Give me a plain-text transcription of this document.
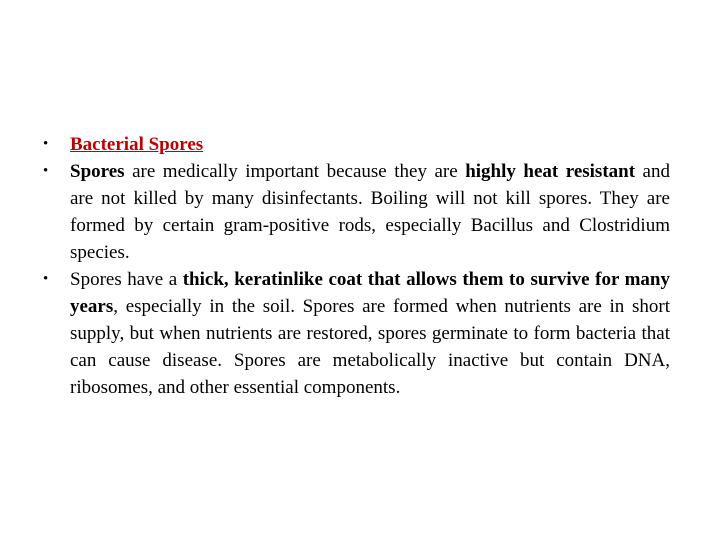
• Bacterial Spores
• Spores are medically important because they are highly heat resistant and are not killed by many disinfectants. Boiling will not kill spores. They are formed by certain gram-positive rods, especially Bacillus and Clostridium species.
• Spores have a thick, keratinlike coat that allows them to survive for many years, especially in the soil. Spores are formed when nutrients are in short supply, but when nutrients are restored, spores germinate to form bacteria that can cause disease. Spores are metabolically inactive but contain DNA, ribosomes, and other essential components.
